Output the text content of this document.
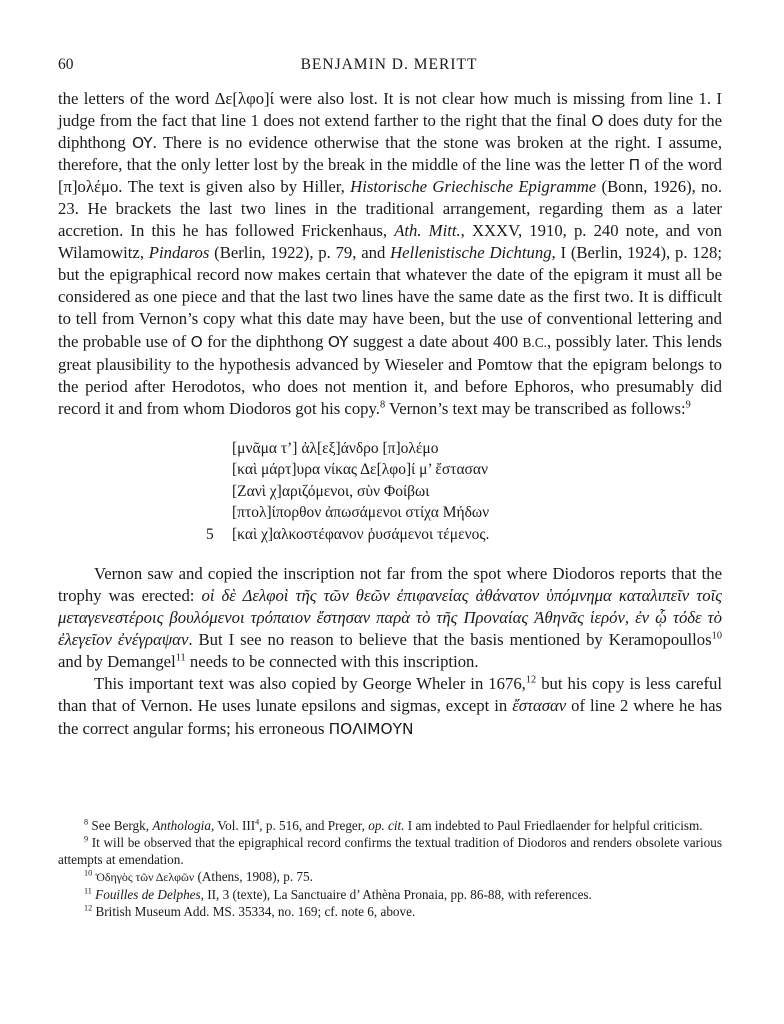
60	BENJAMIN D. MERITT

the letters of the word Δε[λφο]ί were also lost. It is not clear how much is missing from line 1. I judge from the fact that line 1 does not extend farther to the right that the final O does duty for the diphthong OY. There is no evidence otherwise that the stone was broken at the right. I assume, therefore, that the only letter lost by the break in the middle of the line was the letter Π of the word [π]ολέμο. The text is given also by Hiller, Historische Griechische Epigramme (Bonn, 1926), no. 23. He brackets the last two lines in the traditional arrangement, regarding them as a later accretion. In this he has followed Frickenhaus, Ath. Mitt., XXXV, 1910, p. 240 note, and von Wilamowitz, Pindaros (Berlin, 1922), p. 79, and Hellenistische Dichtung, I (Berlin, 1924), p. 128; but the epigraphical record now makes certain that whatever the date of the epigram it must all be considered as one piece and that the last two lines have the same date as the first two. It is difficult to tell from Vernon’s copy what this date may have been, but the use of conventional lettering and the probable use of O for the diphthong OY suggest a date about 400 B.C., possibly later. This lends great plausibility to the hypothesis advanced by Wieseler and Pomtow that the epigram belongs to the period after Herodotos, who does not mention it, and before Ephoros, who presumably did record it and from whom Diodoros got his copy.$^8$ Vernon’s text may be transcribed as follows:$^9$

[μνᾶμα τ’] ἀλ[εξ]άνδρο [π]ολέμο
[καὶ μάρτ]υρα νίκας Δε[λφο]ί μ’ ἔστασαν
[Ζανὶ χ]αριζόμενοι, σὺν Φοίβωι
[πτολ]ίπορθον ἀπωσάμενοι στίχα Μήδων
5 [καὶ χ]αλκοστέφανον ῥυσάμενοι τέμενος.

Vernon saw and copied the inscription not far from the spot where Diodoros reports that the trophy was erected: οἱ δὲ Δελφοὶ τῆς τῶν θεῶν ἐπιφανείας ἀθάνατον ὑπόμνημα καταλιπεῖν τοῖς μεταγενεστέροις βουλόμενοι τρόπαιον ἔστησαν παρὰ τὸ τῆς Προναίας Ἀθηνᾶς ἱερόν, ἐν ᾧ τόδε τὸ ἐλεγεῖον ἐνέγραψαν. But I see no reason to believe that the basis mentioned by Keramopoullos$^{10}$ and by Demangel$^{11}$ needs to be connected with this inscription.

This important text was also copied by George Wheler in 1676,12 but his copy is less careful than that of Vernon. He uses lunate epsilons and sigmas, except in ἔστασαν of line 2 where he has the correct angular forms; his erroneous ΠΟΛΙΜΟΥΝ

$^8$ See Bergk, Anthologia, Vol. III$^4$, p. 516, and Preger, op. cit. I am indebted to Paul Friedlaender for helpful criticism.

$^9$ It will be observed that the epigraphical record confirms the textual tradition of Diodoros and renders obsolete various attempts at emendation.

$^{10}$ Ὁδηγὸς τῶν Δελφῶν (Athens, 1908), p. 75.

$^{11}$ Fouilles de Delphes, II, 3 (texte), La Sanctuaire d’ Athèna Pronaia, pp. 86-88, with references.

$^{12}$ British Museum Add. MS. 35334, no. 169; cf. note 6, above.
